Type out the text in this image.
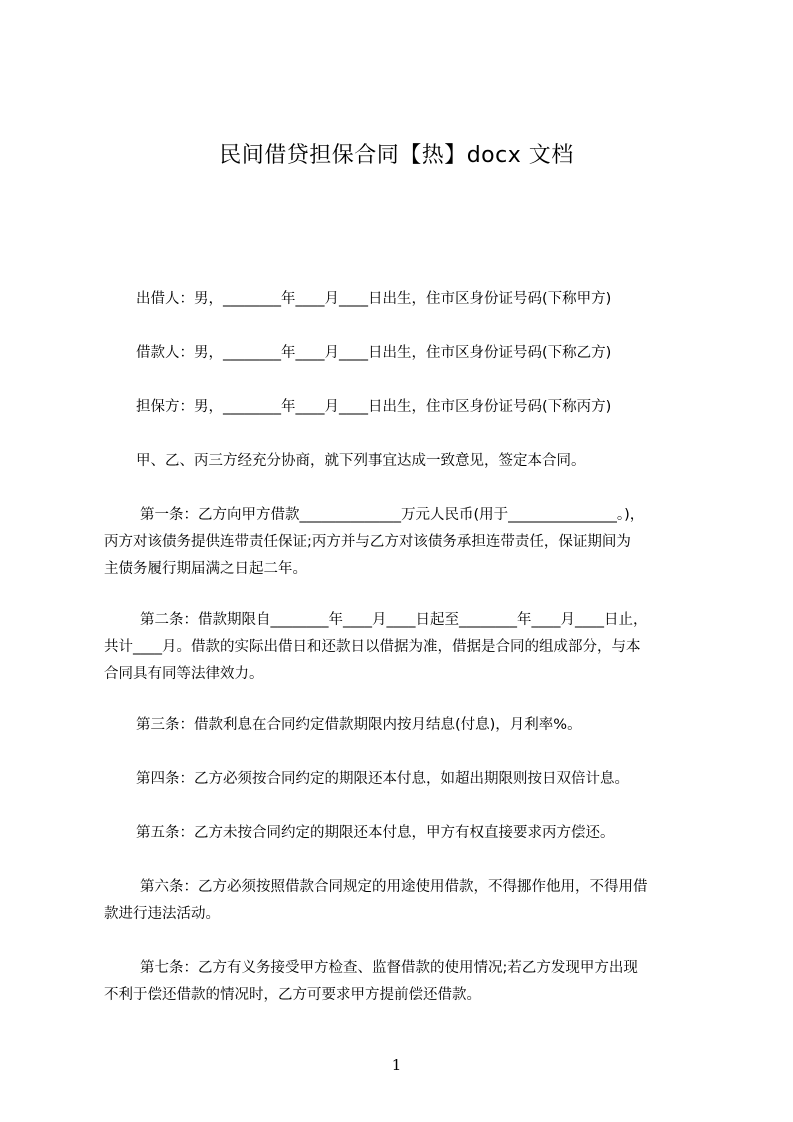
民间借贷担保合同【热】docx 文档
出借人：男，________年____月____日出生，住市区身份证号码(下称甲方)
借款人：男，________年____月____日出生，住市区身份证号码(下称乙方)
担保方：男，________年____月____日出生，住市区身份证号码(下称丙方)
甲、乙、丙三方经充分协商，就下列事宜达成一致意见，签定本合同。
第一条：乙方向甲方借款______________万元人民币(用于_______________。)，
丙方对该债务提供连带责任保证;丙方并与乙方对该债务承担连带责任，保证期间为
主债务履行期届满之日起二年。
第二条：借款期限自________年____月____日起至________年____月____日止，
共计____月。借款的实际出借日和还款日以借据为准，借据是合同的组成部分，与本
合同具有同等法律效力。
第三条：借款利息在合同约定借款期限内按月结息(付息)，月利率%。
第四条：乙方必须按合同约定的期限还本付息，如超出期限则按日双倍计息。
第五条：乙方未按合同约定的期限还本付息，甲方有权直接要求丙方偿还。
第六条：乙方必须按照借款合同规定的用途使用借款，不得挪作他用，不得用借
款进行违法活动。
第七条：乙方有义务接受甲方检查、监督借款的使用情况;若乙方发现甲方出现
不利于偿还借款的情况时，乙方可要求甲方提前偿还借款。
1
